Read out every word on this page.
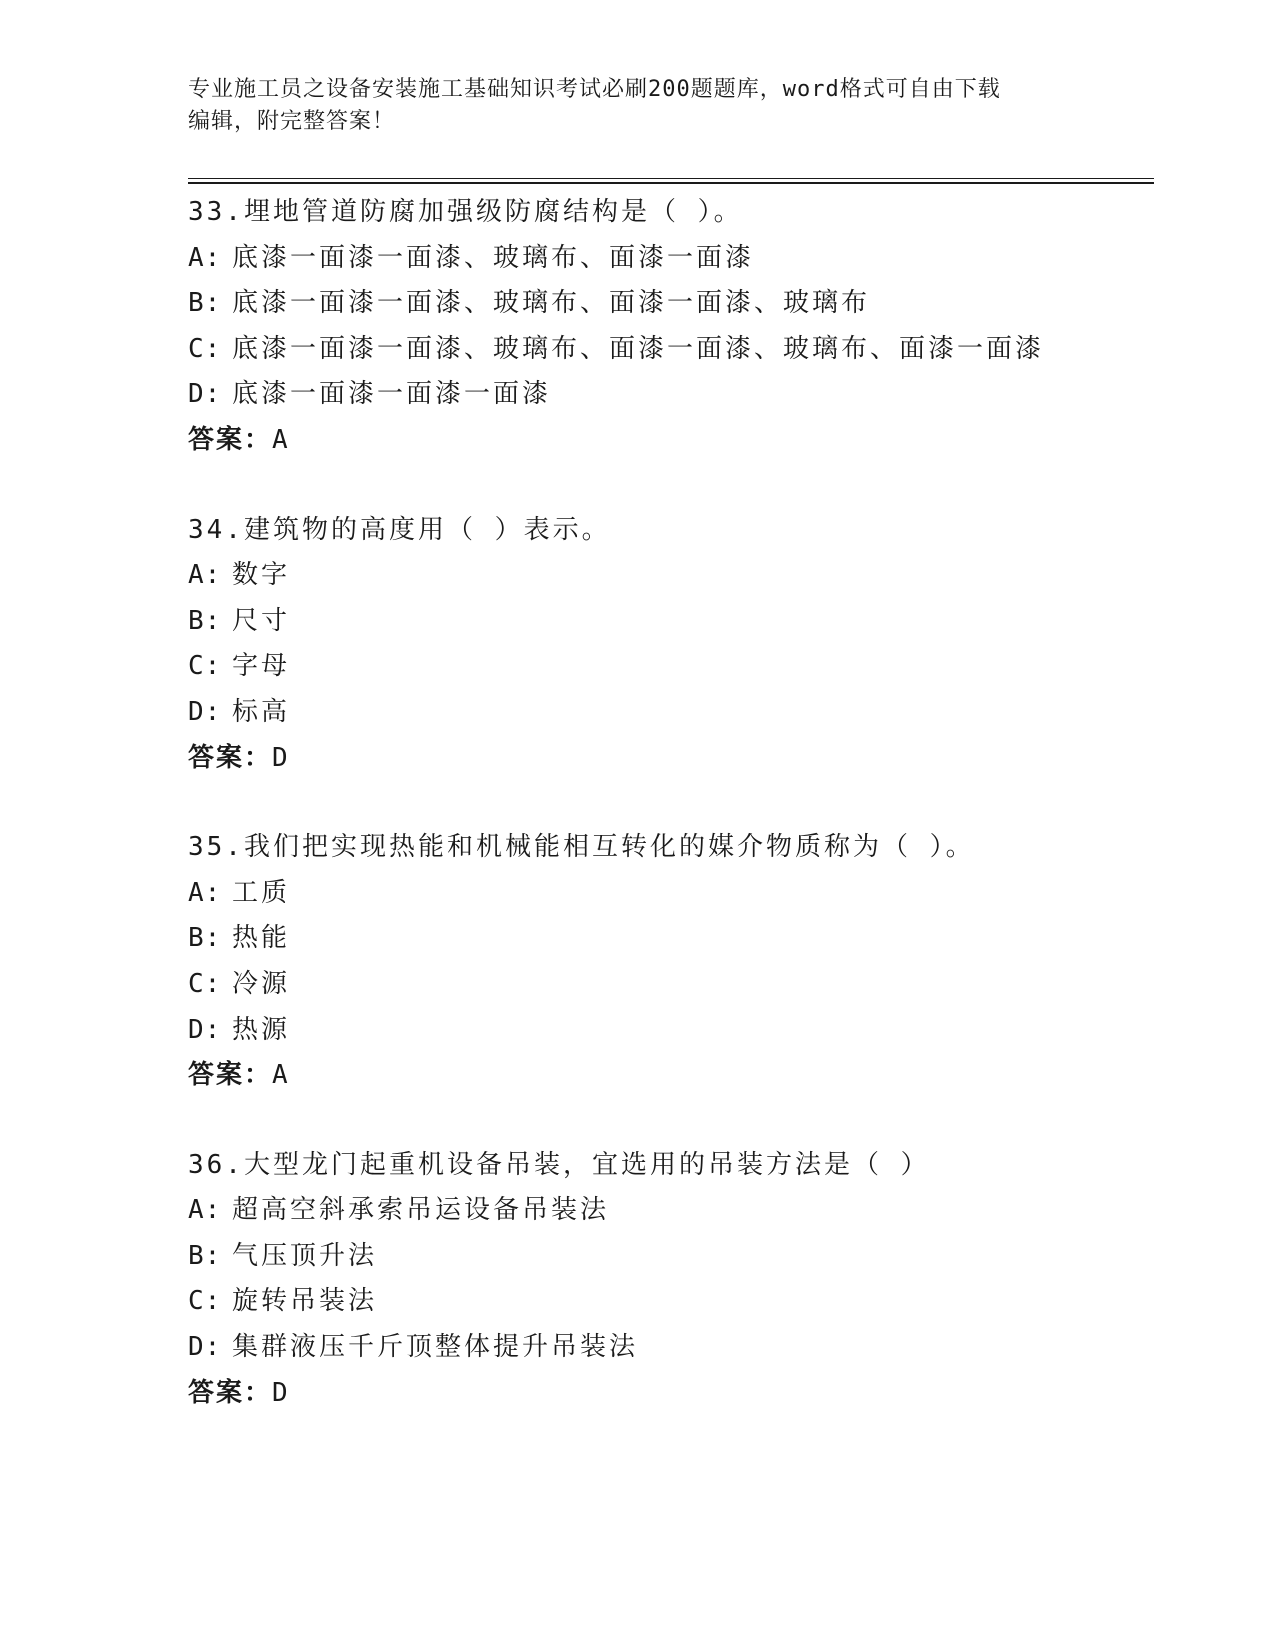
专业施工员之设备安装施工基础知识考试必刷200题题库，word格式可自由下载
编辑，附完整答案！
33.埋地管道防腐加强级防腐结构是（ ）。
A: 底漆一面漆一面漆、玻璃布、面漆一面漆
B: 底漆一面漆一面漆、玻璃布、面漆一面漆、玻璃布
C: 底漆一面漆一面漆、玻璃布、面漆一面漆、玻璃布、面漆一面漆
D: 底漆一面漆一面漆一面漆
答案：A
34.建筑物的高度用（ ）表示。
A: 数字
B: 尺寸
C: 字母
D: 标高
答案：D
35.我们把实现热能和机械能相互转化的媒介物质称为（ ）。
A: 工质
B: 热能
C: 冷源
D: 热源
答案：A
36.大型龙门起重机设备吊装，宜选用的吊装方法是（ ）
A: 超高空斜承索吊运设备吊装法
B: 气压顶升法
C: 旋转吊装法
D: 集群液压千斤顶整体提升吊装法
答案：D
